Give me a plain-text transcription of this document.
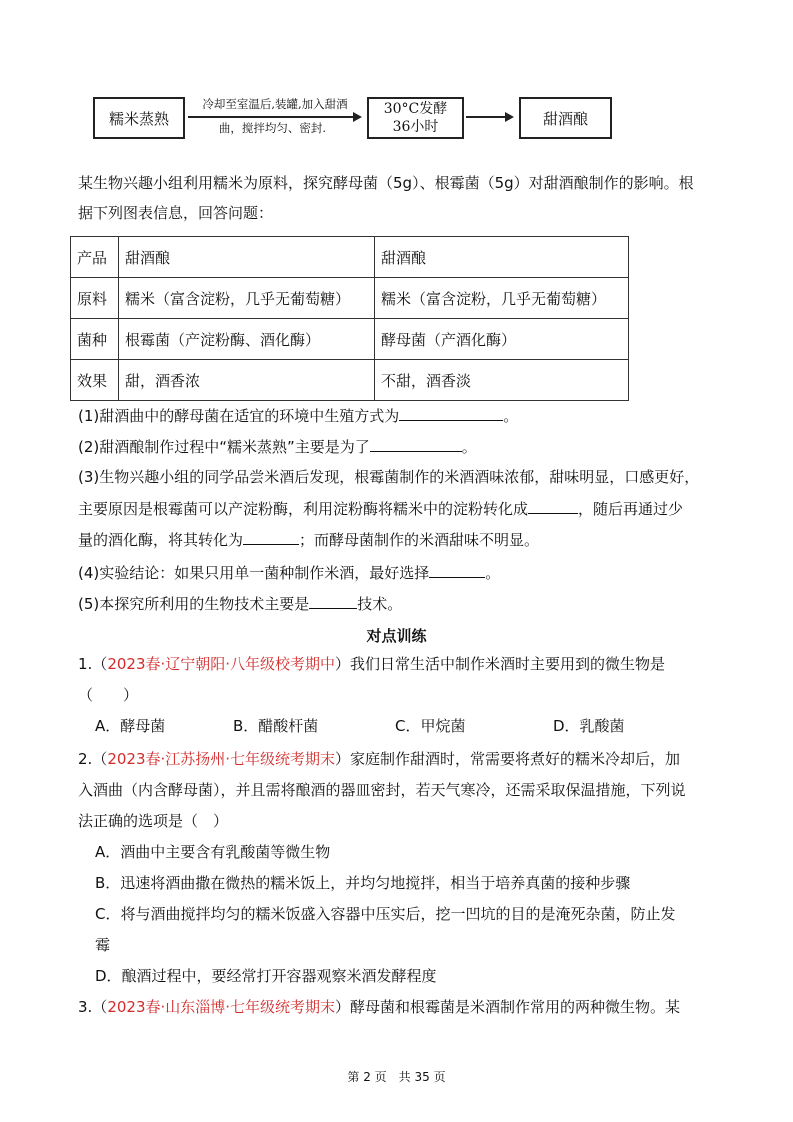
糯米蒸熟
冷却至室温后,装罐,加入甜酒
曲，搅拌均匀、密封.
30°C发酵
36小时	甜酒酿
某生物兴趣小组利用糯米为原料，探究酵母菌（5g）、根霉菌（5g）对甜酒酿制作的影响。根
据下列图表信息，回答问题：
产品	甜酒酿	甜酒酿
原料	糯米（富含淀粉，几乎无葡萄糖）	糯米（富含淀粉，几乎无葡萄糖）
菌种	根霉菌（产淀粉酶、酒化酶）	酵母菌（产酒化酶）
效果	甜，酒香浓	不甜，酒香淡
(1)甜酒曲中的酵母菌在适宜的环境中生殖方式为	。
(2)甜酒酿制作过程中“糯米蒸熟”主要是为了	。
(3)生物兴趣小组的同学品尝米酒后发现，根霉菌制作的米酒酒味浓郁，甜味明显，口感更好，
主要原因是根霉菌可以产淀粉酶，利用淀粉酶将糯米中的淀粉转化成	，随后再通过少
量的酒化酶，将其转化为	；而酵母菌制作的米酒甜味不明显。
(4)实验结论：如果只用单一菌种制作米酒，最好选择	。
(5)本探究所利用的生物技术主要是	技术。
对点训练
1.（2023春·辽宁朝阳·八年级校考期中）我们日常生活中制作米酒时主要用到的微生物是
（　　）
A．酵母菌	B．醋酸杆菌	C．甲烷菌	D．乳酸菌
2.（2023春·江苏扬州·七年级统考期末）家庭制作甜酒时，常需要将煮好的糯米冷却后，加
入酒曲（内含酵母菌），并且需将酿酒的器皿密封，若天气寒冷，还需采取保温措施，下列说
法正确的选项是（　）
A．酒曲中主要含有乳酸菌等微生物
B．迅速将酒曲撒在微热的糯米饭上，并均匀地搅拌，相当于培养真菌的接种步骤
C．将与酒曲搅拌均匀的糯米饭盛入容器中压实后，挖一凹坑的目的是淹死杂菌，防止发
霉
D．酿酒过程中，要经常打开容器观察米酒发酵程度
3.（2023春·山东淄博·七年级统考期末）酵母菌和根霉菌是米酒制作常用的两种微生物。某
第 2 页　共 35 页
